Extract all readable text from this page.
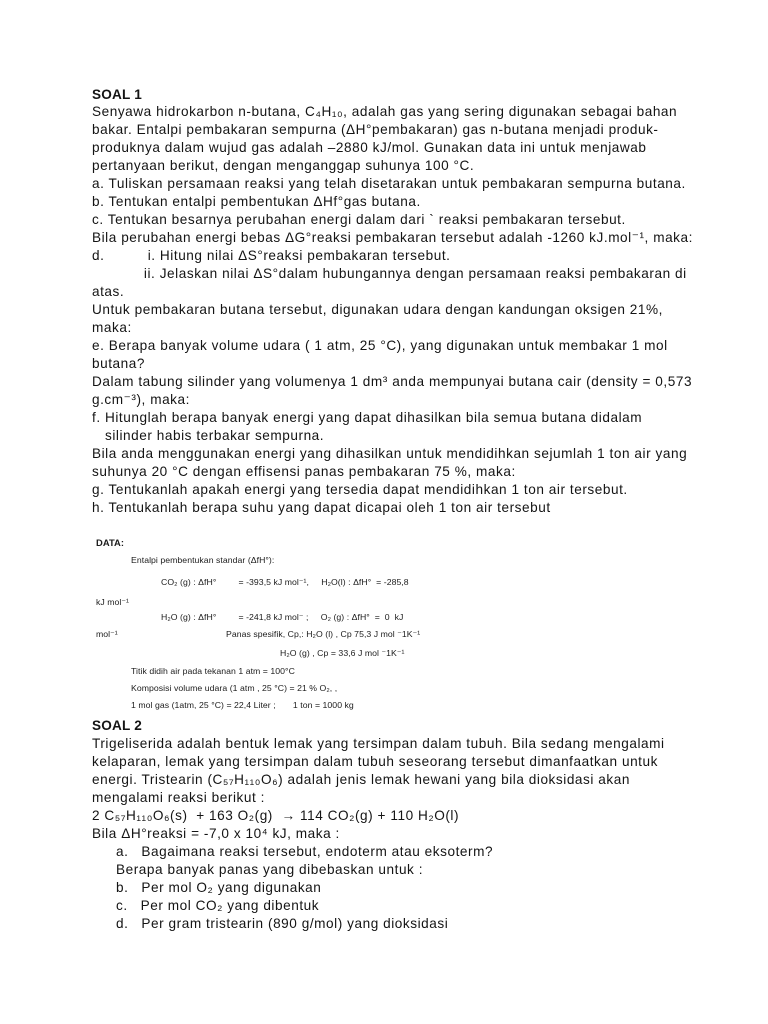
SOAL 1
Senyawa hidrokarbon n-butana, C₄H₁₀, adalah gas yang sering digunakan sebagai bahan
bakar. Entalpi pembakaran sempurna (ΔH°pembakaran) gas n-butana menjadi produk-
produknya dalam wujud gas adalah –2880 kJ/mol. Gunakan data ini untuk menjawab
pertanyaan berikut, dengan menganggap suhunya 100 °C.
a. Tuliskan persamaan reaksi yang telah disetarakan untuk pembakaran sempurna butana.
b. Tentukan entalpi pembentukan ΔHf°gas butana.
c. Tentukan besarnya perubahan energi dalam dari ` reaksi pembakaran tersebut.
Bila perubahan energi bebas ΔG°reaksi pembakaran tersebut adalah -1260 kJ.mol⁻¹, maka:
d.          i. Hitung nilai ΔS°reaksi pembakaran tersebut.
ii. Jelaskan nilai ΔS°dalam hubungannya dengan persamaan reaksi pembakaran di
atas.
Untuk pembakaran butana tersebut, digunakan udara dengan kandungan oksigen 21%,
maka:
e. Berapa banyak volume udara ( 1 atm, 25 °C), yang digunakan untuk membakar 1 mol
butana?
Dalam tabung silinder yang volumenya 1 dm³ anda mempunyai butana cair (density = 0,573
g.cm⁻³), maka:
f. Hitunglah berapa banyak energi yang dapat dihasilkan bila semua butana didalam
silinder habis terbakar sempurna.
Bila anda menggunakan energi yang dihasilkan untuk mendidihkan sejumlah 1 ton air yang
suhunya 20 °C dengan effisensi panas pembakaran 75 %, maka:
g. Tentukanlah apakah energi yang tersedia dapat mendidihkan 1 ton air tersebut.
h. Tentukanlah berapa suhu yang dapat dicapai oleh 1 ton air tersebut
DATA:
Entalpi pembentukan standar (ΔfH°):
CO₂ (g) : ΔfH°         = -393,5 kJ mol⁻¹,     H₂O(l) : ΔfH°  = -285,8
kJ mol⁻¹
H₂O (g) : ΔfH°         = -241,8 kJ mol⁻ ;     O₂ (g) : ΔfH°  =  0  kJ
mol⁻¹	Panas spesifik, Cp,: H₂O (l) , Cp 75,3 J mol ⁻1K⁻¹
H₂O (g) , Cp = 33,6 J mol ⁻1K⁻¹
Titik didih air pada tekanan 1 atm = 100°C
Komposisi volume udara (1 atm , 25 °C) = 21 % O₂, ,
1 mol gas (1atm, 25 °C) = 22,4 Liter ;       1 ton = 1000 kg
SOAL 2
Trigeliserida adalah bentuk lemak yang tersimpan dalam tubuh. Bila sedang mengalami
kelaparan, lemak yang tersimpan dalam tubuh seseorang tersebut dimanfaatkan untuk
energi. Tristearin (C₅₇H₁₁₀O₆) adalah jenis lemak hewani yang bila dioksidasi akan
mengalami reaksi berikut :
2 C₅₇H₁₁₀O₆(s)  + 163 O₂(g)  → 114 CO₂(g) + 110 H₂O(l)
Bila ΔH°reaksi = -7,0 x 10⁴ kJ, maka :
a.   Bagaimana reaksi tersebut, endoterm atau eksoterm?
Berapa banyak panas yang dibebaskan untuk :
b.   Per mol O₂ yang digunakan
c.   Per mol CO₂ yang dibentuk
d.   Per gram tristearin (890 g/mol) yang dioksidasi
